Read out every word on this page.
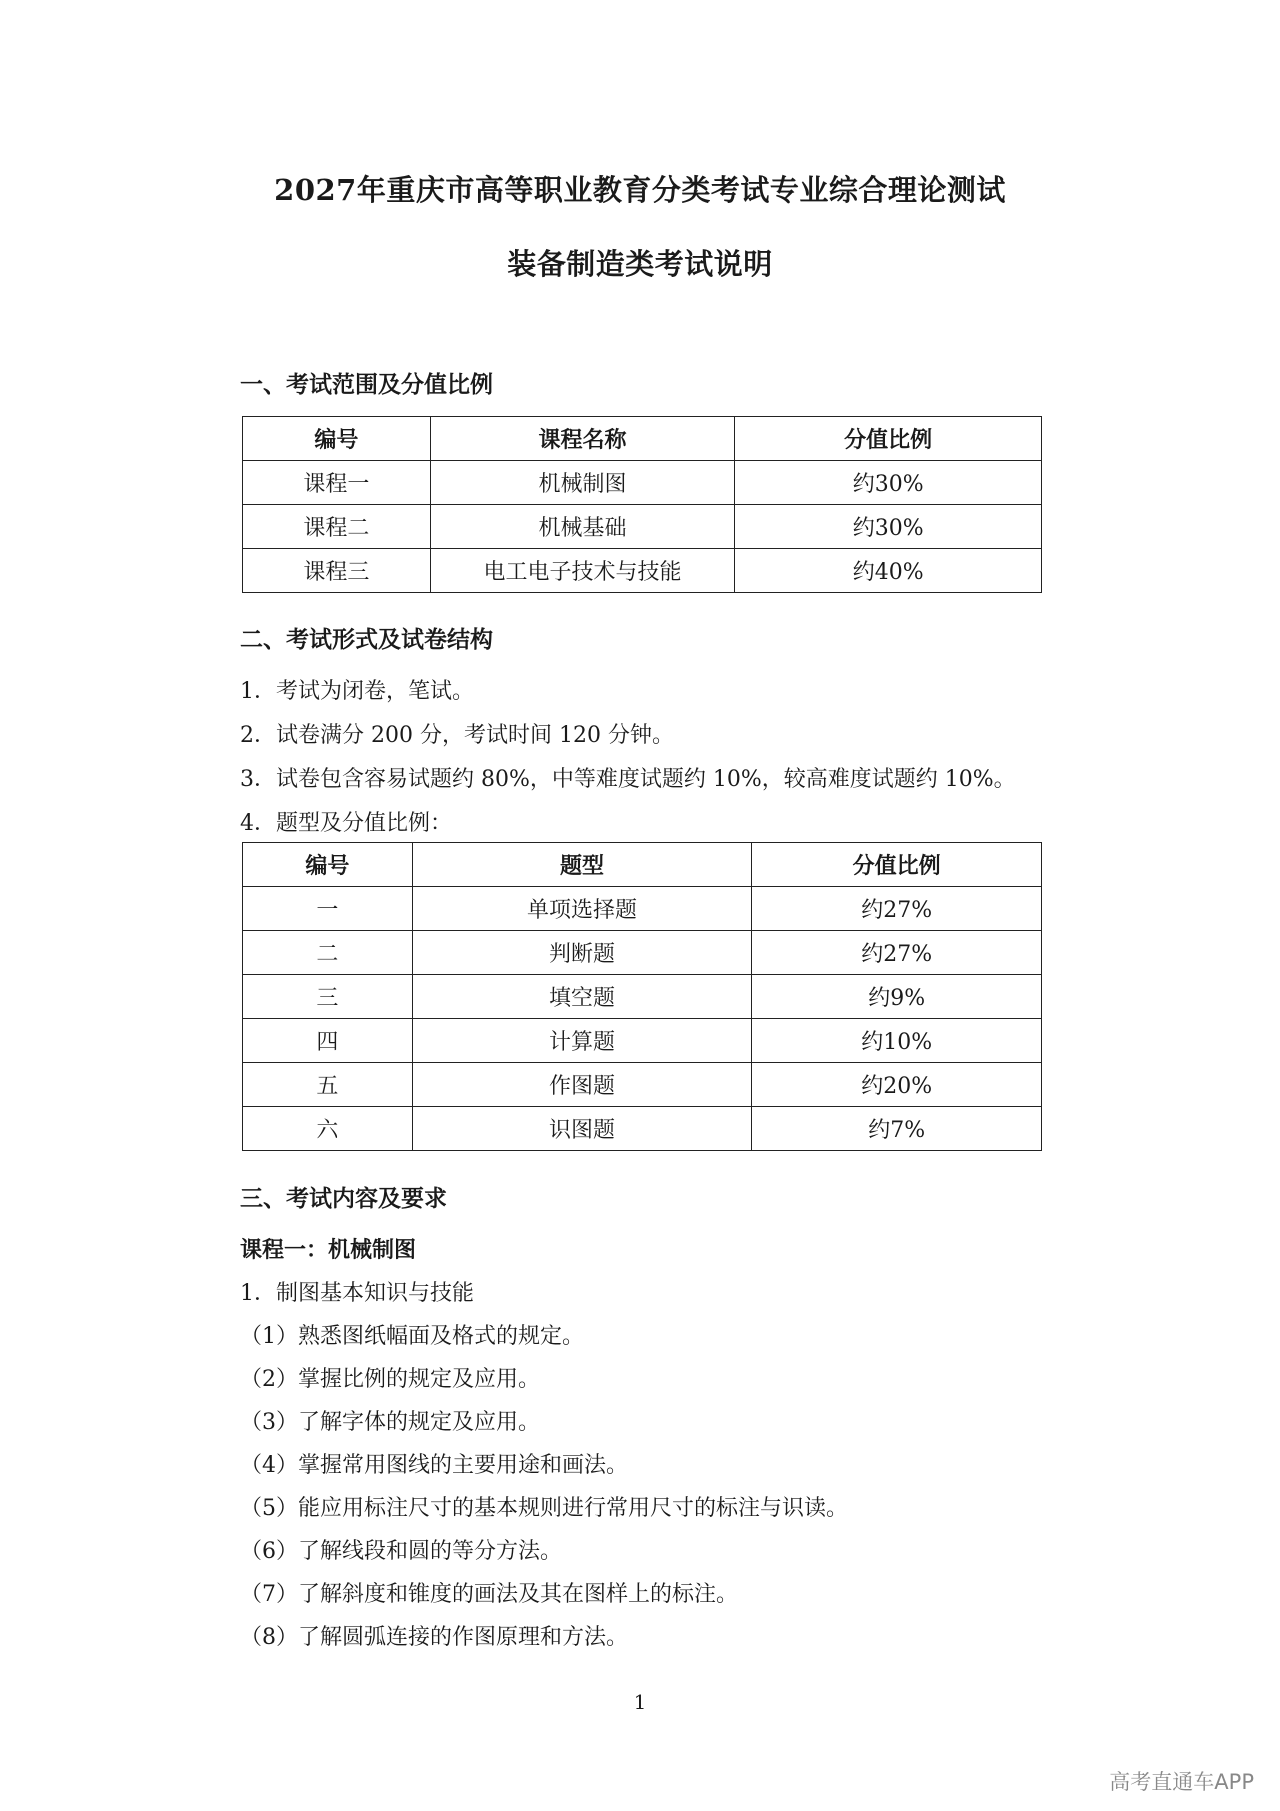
2027年重庆市高等职业教育分类考试专业综合理论测试
装备制造类考试说明
一、考试范围及分值比例
编号	课程名称	分值比例
课程一	机械制图	约30%
课程二	机械基础	约30%
课程三	电工电子技术与技能	约40%
二、考试形式及试卷结构
1．考试为闭卷，笔试。
2．试卷满分 200 分，考试时间 120 分钟。
3．试卷包含容易试题约 80%，中等难度试题约 10%，较高难度试题约 10%。
4．题型及分值比例：
编号	题型	分值比例
一	单项选择题	约27%
二	判断题	约27%
三	填空题	约9%
四	计算题	约10%
五	作图题	约20%
六	识图题	约7%
三、考试内容及要求
课程一：机械制图
1．制图基本知识与技能
（1）熟悉图纸幅面及格式的规定。
（2）掌握比例的规定及应用。
（3）了解字体的规定及应用。
（4）掌握常用图线的主要用途和画法。
（5）能应用标注尺寸的基本规则进行常用尺寸的标注与识读。
（6）了解线段和圆的等分方法。
（7）了解斜度和锥度的画法及其在图样上的标注。
（8）了解圆弧连接的作图原理和方法。
1
高考直通车APP
